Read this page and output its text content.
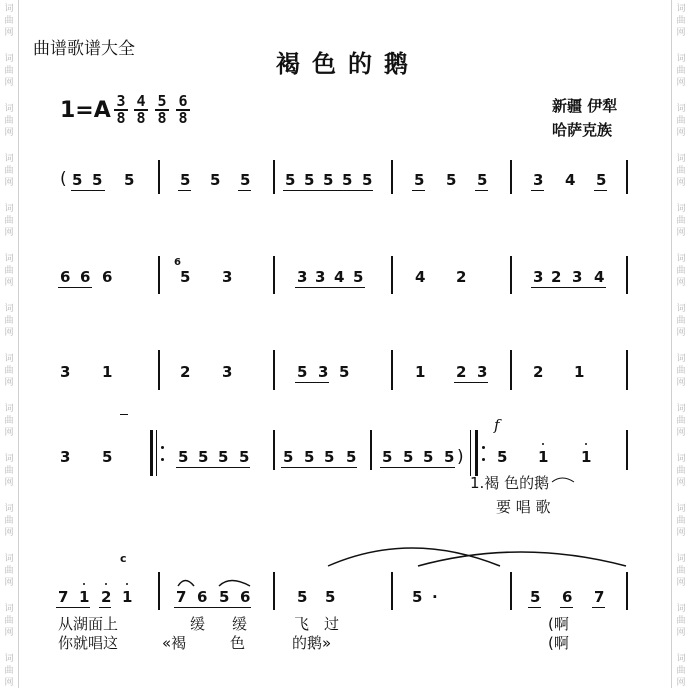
词
曲
网
词
曲
网
词
曲
网
词
曲
网
词
曲
网
词
曲
网
词
曲
网
词
曲
网
词
曲
网
词
曲
网
词
曲
网
词
曲
网
词
曲
网
词
曲
网
词
曲
网
词
曲
网
词
曲
网
词
曲
网
词
曲
网
词
曲
网
词
曲
网
词
曲
网
词
曲
网
词
曲
网
词
曲
网
词
曲
网
词
曲
网
词
曲
网
曲谱歌谱大全	褐色的鹅
1=A 3
8
4
8
5
8
6
8
新疆 伊犁
哈萨克族
( 5 5 5	5 5 5 5 5 5 5 5	5 5 5	3 4 5
6 6 6
6
5 3	3 3 4 5	4 2	3 2 3 4
3 1	2 3	5 3 5	1 2 3	2 1
3 5	5 5 5 5 5 5 5 5 5 5 5 5 )
f
5 1 1
1.褐 色的鹅
要 唱 歌
c
7 1 2 1	7 6 5 6	5 5	5 ·	5 6 7
从湖面上	缓 缓	飞 过	(啊
你就唱这	«褐	色	的鹅»	(啊
